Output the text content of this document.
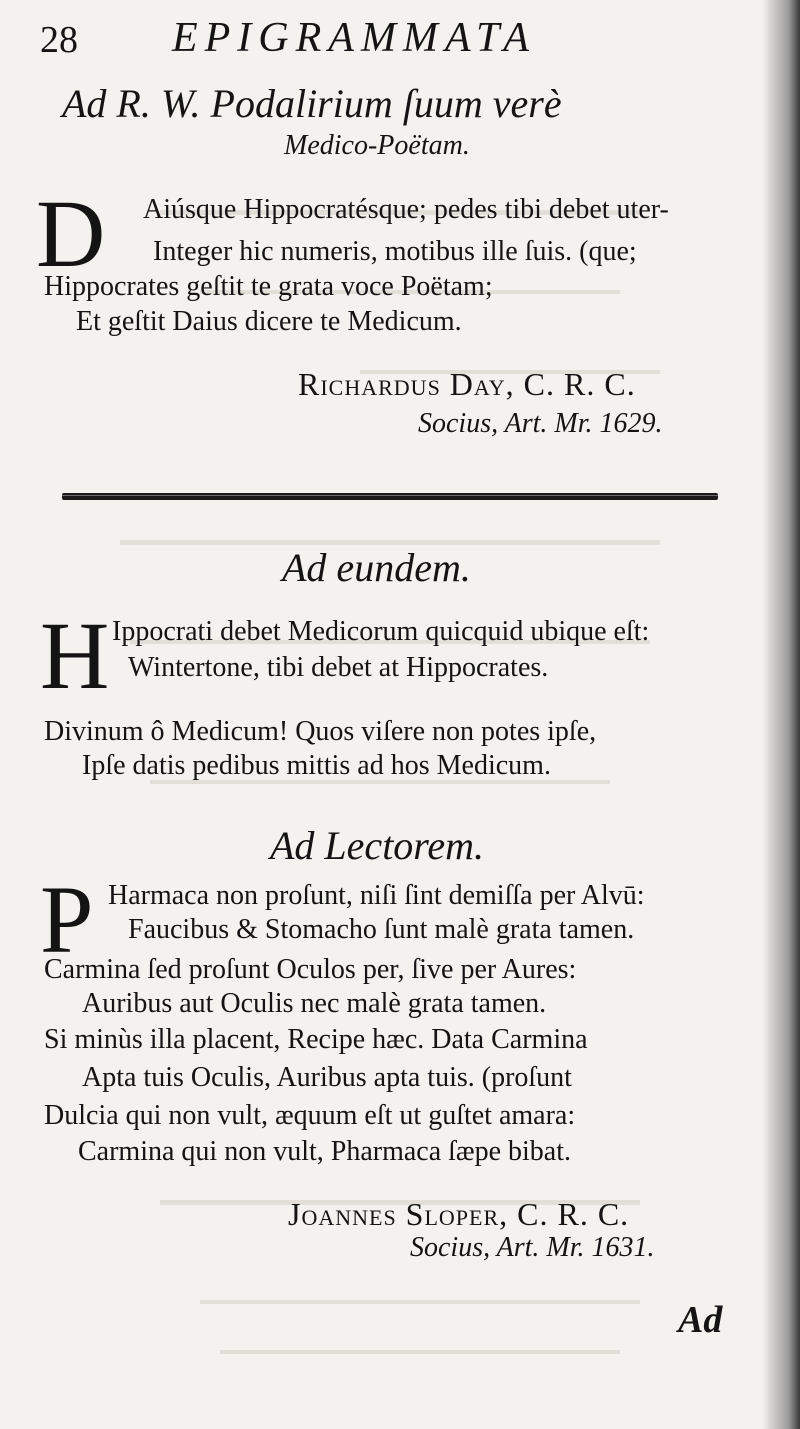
28 EPIGRAMMATA
Ad R. W. Podalirium ſuum verè
Medico-Poëtam.
D Aiúsque Hippocratésque; pedes tibi debet uter-
Integer hic numeris, motibus ille ſuis. (que;
Hippocrates geſtit te grata voce Poëtam;
Et geſtit Daius dicere te Medicum.
Richardus Day, C. R. C.
Socius, Art. Mr. 1629.
Ad eundem.
H Ippocrati debet Medicorum quicquid ubique eſt:
Wintertone, tibi debet at Hippocrates.
Divinum ô Medicum! Quos viſere non potes ipſe,
Ipſe datis pedibus mittis ad hos Medicum.
Ad Lectorem.
P Harmaca non proſunt, niſi ſint demiſſa per Alvū:
Faucibus & Stomacho ſunt malè grata tamen.
Carmina ſed proſunt Oculos per, ſive per Aures:
Auribus aut Oculis nec malè grata tamen.
Si minùs illa placent, Recipe hæc. Data Carmina
Apta tuis Oculis, Auribus apta tuis. (proſunt
Dulcia qui non vult, æquum eſt ut guſtet amara:
Carmina qui non vult, Pharmaca ſæpe bibat.
Joannes Sloper, C. R. C.
Socius, Art. Mr. 1631.
Ad
